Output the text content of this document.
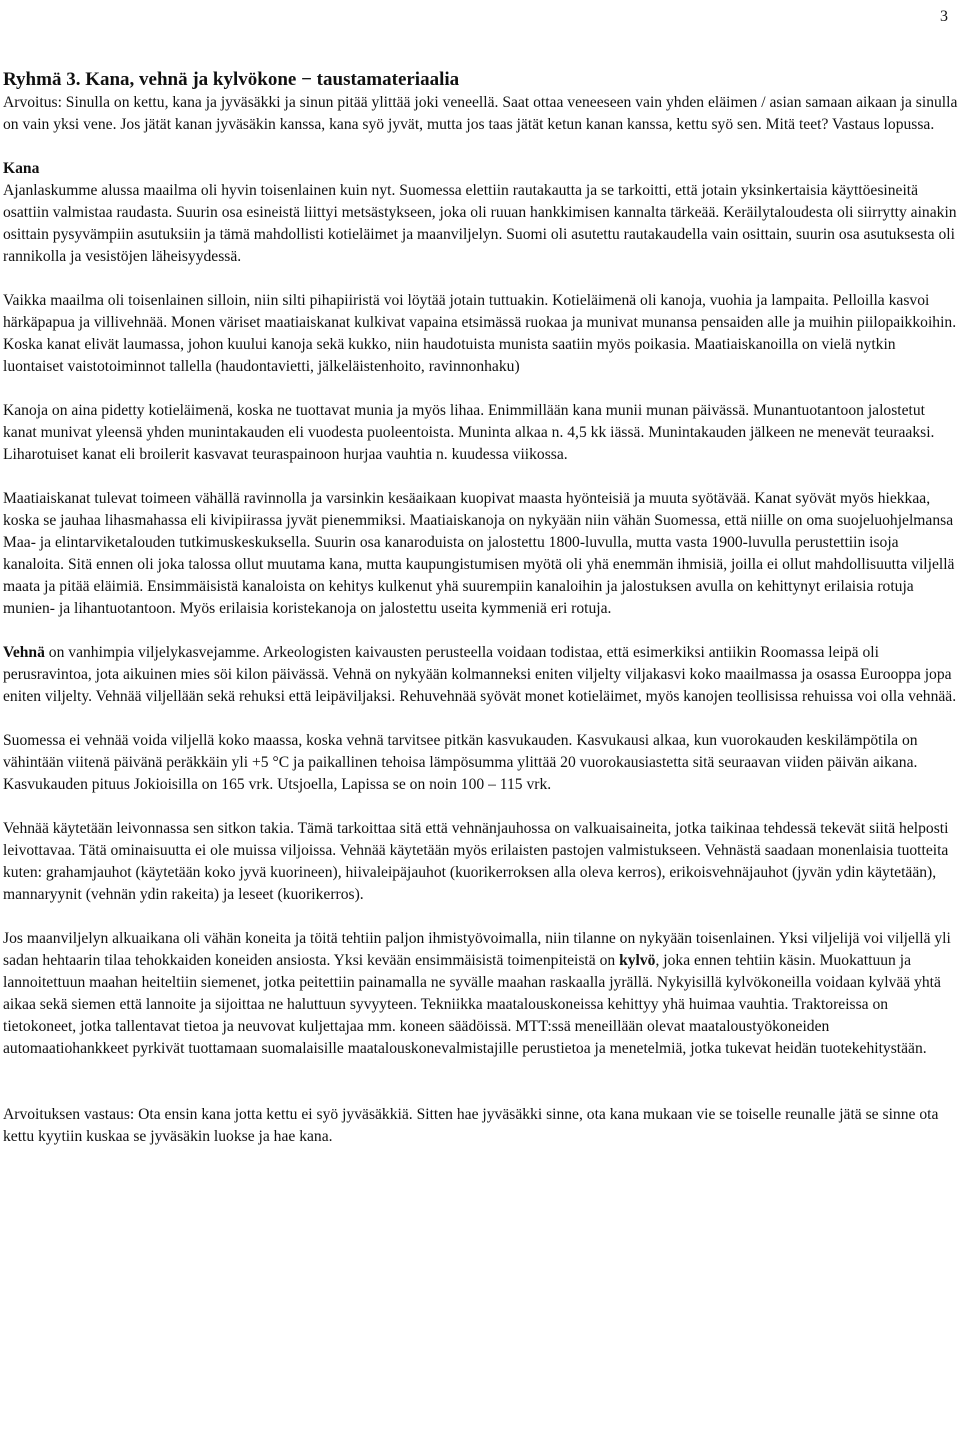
3
Ryhmä 3. Kana, vehnä ja kylvökone − taustamateriaalia

Arvoitus: Sinulla on kettu, kana ja jyväsäkki ja sinun pitää ylittää joki veneellä. Saat ottaa veneeseen vain yhden eläimen / asian samaan aikaan ja sinulla on vain yksi vene. Jos jätät kanan jyväsäkin kanssa, kana syö jyvät, mutta jos taas jätät ketun kanan kanssa, kettu syö sen. Mitä teet? Vastaus lopussa.

Kana

Ajanlaskumme alussa maailma oli hyvin toisenlainen kuin nyt. Suomessa elettiin rautakautta ja se tarkoitti, että jotain yksinkertaisia käyttöesineitä osattiin valmistaa raudasta. Suurin osa esineistä liittyi metsästykseen, joka oli ruuan hankkimisen kannalta tärkeää. Keräilytaloudesta oli siirrytty ainakin osittain pysyvämpiin asutuksiin ja tämä mahdollisti kotieläimet ja maanviljelyn. Suomi oli asutettu rautakaudella vain osittain, suurin osa asutuksesta oli rannikolla ja vesistöjen läheisyydessä.

Vaikka maailma oli toisenlainen silloin, niin silti pihapiiristä voi löytää jotain tuttuakin. Kotieläimenä oli kanoja, vuohia ja lampaita. Pelloilla kasvoi härkäpapua ja villivehnää. Monen väriset maatiaiskanat kulkivat vapaina etsimässä ruokaa ja munivat munansa pensaiden alle ja muihin piilopaikkoihin. Koska kanat elivät laumassa, johon kuului kanoja sekä kukko, niin haudotuista munista saatiin myös poikasia. Maatiaiskanoilla on vielä nytkin luontaiset vaistotoiminnot tallella (haudontavietti, jälkeläistenhoito, ravinnonhaku)

Kanoja on aina pidetty kotieläimenä, koska ne tuottavat munia ja myös lihaa. Enimmillään kana munii munan päivässä. Munantuotantoon jalostetut kanat munivat yleensä yhden munintakauden eli vuodesta puoleentoista. Muninta alkaa n. 4,5 kk iässä. Munintakauden jälkeen ne menevät teuraaksi. Liharotuiset kanat eli broilerit kasvavat teuraspainoon hurjaa vauhtia n. kuudessa viikossa.

Maatiaiskanat tulevat toimeen vähällä ravinnolla ja varsinkin kesäaikaan kuopivat maasta hyönteisiä ja muuta syötävää. Kanat syövät myös hiekkaa, koska se jauhaa lihasmahassa eli kivipiirassa jyvät pienemmiksi. Maatiaiskanoja on nykyään niin vähän Suomessa, että niille on oma suojeluohjelmansa Maa- ja elintarviketalouden tutkimuskeskuksella. Suurin osa kanaroduista on jalostettu 1800-luvulla, mutta vasta 1900-luvulla perustettiin isoja kanaloita. Sitä ennen oli joka talossa ollut muutama kana, mutta kaupungistumisen myötä oli yhä enemmän ihmisiä, joilla ei ollut mahdollisuutta viljellä maata ja pitää eläimiä. Ensimmäisistä kanaloista on kehitys kulkenut yhä suurempiin kanaloihin ja jalostuksen avulla on kehittynyt erilaisia rotuja munien- ja lihantuotantoon. Myös erilaisia koristekanoja on jalostettu useita kymmeniä eri rotuja.

Vehnä on vanhimpia viljelykasvejamme. Arkeologisten kaivausten perusteella voidaan todistaa, että esimerkiksi antiikin Roomassa leipä oli perusravintoa, jota aikuinen mies söi kilon päivässä. Vehnä on nykyään kolmanneksi eniten viljelty viljakasvi koko maailmassa ja osassa Eurooppa jopa eniten viljelty. Vehnää viljellään sekä rehuksi että leipäviljaksi. Rehuvehnää syövät monet kotieläimet, myös kanojen teollisissa rehuissa voi olla vehnää.

Suomessa ei vehnää voida viljellä koko maassa, koska vehnä tarvitsee pitkän kasvukauden. Kasvukausi alkaa, kun vuorokauden keskilämpötila on vähintään viitenä päivänä peräkkäin yli +5 °C ja paikallinen tehoisa lämpösumma ylittää 20 vuorokausiastetta sitä seuraavan viiden päivän aikana. Kasvukauden pituus Jokioisilla on 165 vrk. Utsjoella, Lapissa se on noin 100 – 115 vrk.

Vehnää käytetään leivonnassa sen sitkon takia. Tämä tarkoittaa sitä että vehnänjauhossa on valkuaisaineita, jotka taikinaa tehdessä tekevät siitä helposti leivottavaa. Tätä ominaisuutta ei ole muissa viljoissa. Vehnää käytetään myös erilaisten pastojen valmistukseen. Vehnästä saadaan monenlaisia tuotteita kuten: grahamjauhot (käytetään koko jyvä kuorineen), hiivaleipäjauhot (kuorikerroksen alla oleva kerros), erikoisvehnäjauhot (jyvän ydin käytetään), mannaryynit (vehnän ydin rakeita) ja leseet (kuorikerros).

Jos maanviljelyn alkuaikana oli vähän koneita ja töitä tehtiin paljon ihmistyövoimalla, niin tilanne on nykyään toisenlainen. Yksi viljelijä voi viljellä yli sadan hehtaarin tilaa tehokkaiden koneiden ansiosta. Yksi kevään ensimmäisistä toimenpiteistä on kylvö, joka ennen tehtiin käsin. Muokattuun ja lannoitettuun maahan heiteltiin siemenet, jotka peitettiin painamalla ne syvälle maahan raskaalla jyrällä. Nykyisillä kylvökoneilla voidaan kylvää yhtä aikaa sekä siemen että lannoite ja sijoittaa ne haluttuun syvyyteen. Tekniikka maatalouskoneissa kehittyy yhä huimaa vauhtia. Traktoreissa on tietokoneet, jotka tallentavat tietoa ja neuvovat kuljettajaa mm. koneen säädöissä. MTT:ssä meneillään olevat maataloustyökoneiden automaatiohankkeet pyrkivät tuottamaan suomalaisille maatalouskonevalmistajille perustietoa ja menetelmiä, jotka tukevat heidän tuotekehitystään.

Arvoituksen vastaus: Ota ensin kana jotta kettu ei syö jyväsäkkiä. Sitten hae jyväsäkki sinne, ota kana mukaan vie se toiselle reunalle jätä se sinne ota kettu kyytiin kuskaa se jyväsäkin luokse ja hae kana.
